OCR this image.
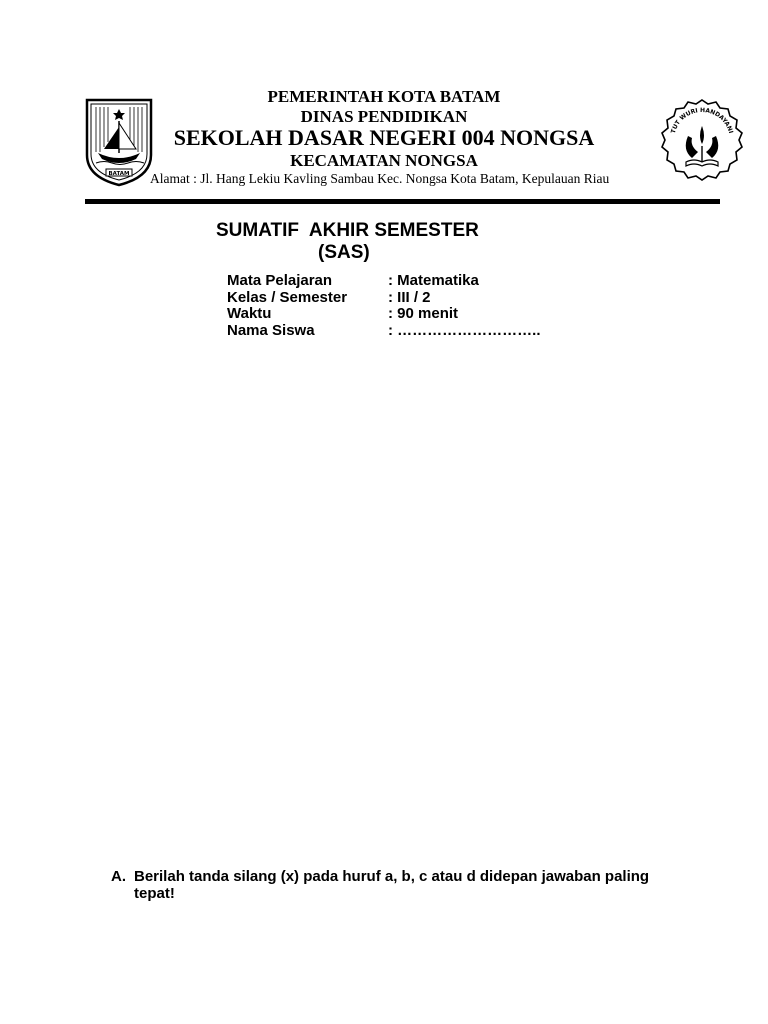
BATAM
PEMERINTAH KOTA BATAM
DINAS PENDIDIKAN
SEKOLAH DASAR NEGERI 004 NONGSA
KECAMATAN NONGSA
Alamat : Jl. Hang Lekiu Kavling Sambau Kec. Nongsa Kota Batam, Kepulauan Riau
TUT WURI HANDAYANI
SUMATIF  AKHIR SEMESTER
(SAS)
Mata Pelajaran	: Matematika
Kelas / Semester	: III / 2
Waktu	: 90 menit
Nama Siswa	: ………………………..
A. Berilah tanda silang (x) pada huruf a, b, c atau d didepan jawaban paling tepat!
